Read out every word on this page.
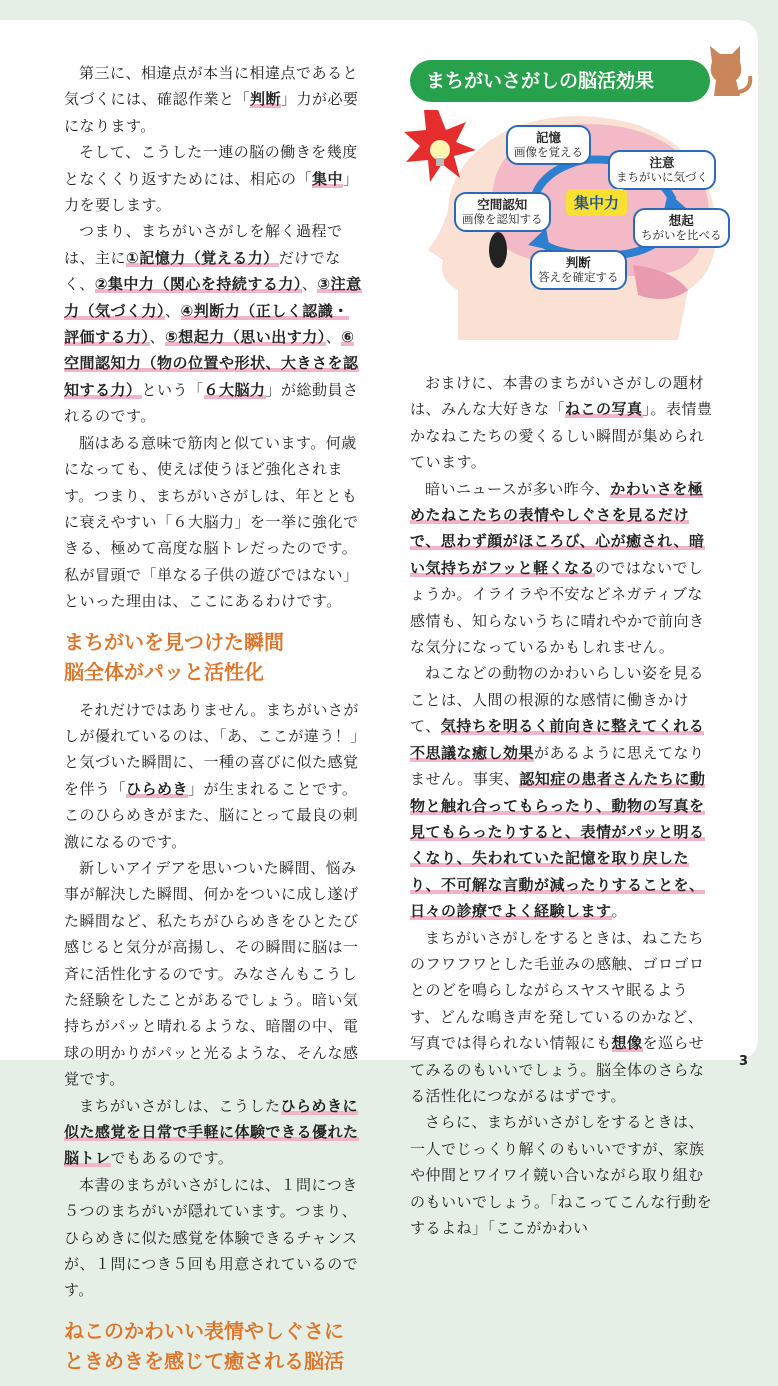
第三に、相違点が本当に相違点であると気づくには、確認作業と「判断」力が必要になります。

そして、こうした一連の脳の働きを幾度となくくり返すためには、相応の「集中」力を要します。

つまり、まちがいさがしを解く過程では、主に①記憶力（覚える力）だけでなく、②集中力（関心を持続する力）、③注意力（気づく力）、④判断力（正しく認識・評価する力）、⑤想起力（思い出す力）、⑥空間認知力（物の位置や形状、大きさを認知する力）という「６大脳力」が総動員されるのです。

脳はある意味で筋肉と似ています。何歳になっても、使えば使うほど強化されます。つまり、まちがいさがしは、年とともに衰えやすい「６大脳力」を一挙に強化できる、極めて高度な脳トレだったのです。私が冒頭で「単なる子供の遊びではない」といった理由は、ここにあるわけです。

まちがいを見つけた瞬間
脳全体がパッと活性化

それだけではありません。まちがいさがしが優れているのは、「あ、ここが違う！」と気づいた瞬間に、一種の喜びに似た感覚を伴う「ひらめき」が生まれることです。このひらめきがまた、脳にとって最良の刺激になるのです。

新しいアイデアを思いついた瞬間、悩み事が解決した瞬間、何かをついに成し遂げた瞬間など、私たちがひらめきをひとたび感じると気分が高揚し、その瞬間に脳は一斉に活性化するのです。みなさんもこうした経験をしたことがあるでしょう。暗い気持ちがパッと晴れるような、暗闇の中、電球の明かりがパッと光るような、そんな感覚です。

まちがいさがしは、こうしたひらめきに似た感覚を日常で手軽に体験できる優れた脳トレでもあるのです。

本書のまちがいさがしには、１問につき５つのまちがいが隠れています。つまり、ひらめきに似た感覚を体験できるチャンスが、１問につき５回も用意されているのです。

ねこのかわいい表情やしぐさに
ときめきを感じて癒される脳活
まちがいさがしの脳活効果
記憶
画像を覚える
注意
まちがいに気づく
空間認知
画像を認知する	想起
ちがいを比べる
判断
答えを確定する
集中力

おまけに、本書のまちがいさがしの題材は、みんな大好きな「ねこの写真」。表情豊かなねこたちの愛くるしい瞬間が集められています。

暗いニュースが多い昨今、かわいさを極めたねこたちの表情やしぐさを見るだけで、思わず顔がほころび、心が癒され、暗い気持ちがフッと軽くなるのではないでしょうか。イライラや不安などネガティブな感情も、知らないうちに晴れやかで前向きな気分になっているかもしれません。

ねこなどの動物のかわいらしい姿を見ることは、人間の根源的な感情に働きかけて、気持ちを明るく前向きに整えてくれる不思議な癒し効果があるように思えてなりません。事実、認知症の患者さんたちに動物と触れ合ってもらったり、動物の写真を見てもらったりすると、表情がパッと明るくなり、失われていた記憶を取り戻したり、不可解な言動が減ったりすることを、日々の診療でよく経験します。

まちがいさがしをするときは、ねこたちのフワフワとした毛並みの感触、ゴロゴロとのどを鳴らしながらスヤスヤ眠るようす、どんな鳴き声を発しているのかなど、写真では得られない情報にも想像を巡らせてみるのもいいでしょう。脳全体のさらなる活性化につながるはずです。

さらに、まちがいさがしをするときは、一人でじっくり解くのもいいですが、家族や仲間とワイワイ競い合いながら取り組むのもいいでしょう。「ねこってこんな行動をするよね」「ここがかわい

3
